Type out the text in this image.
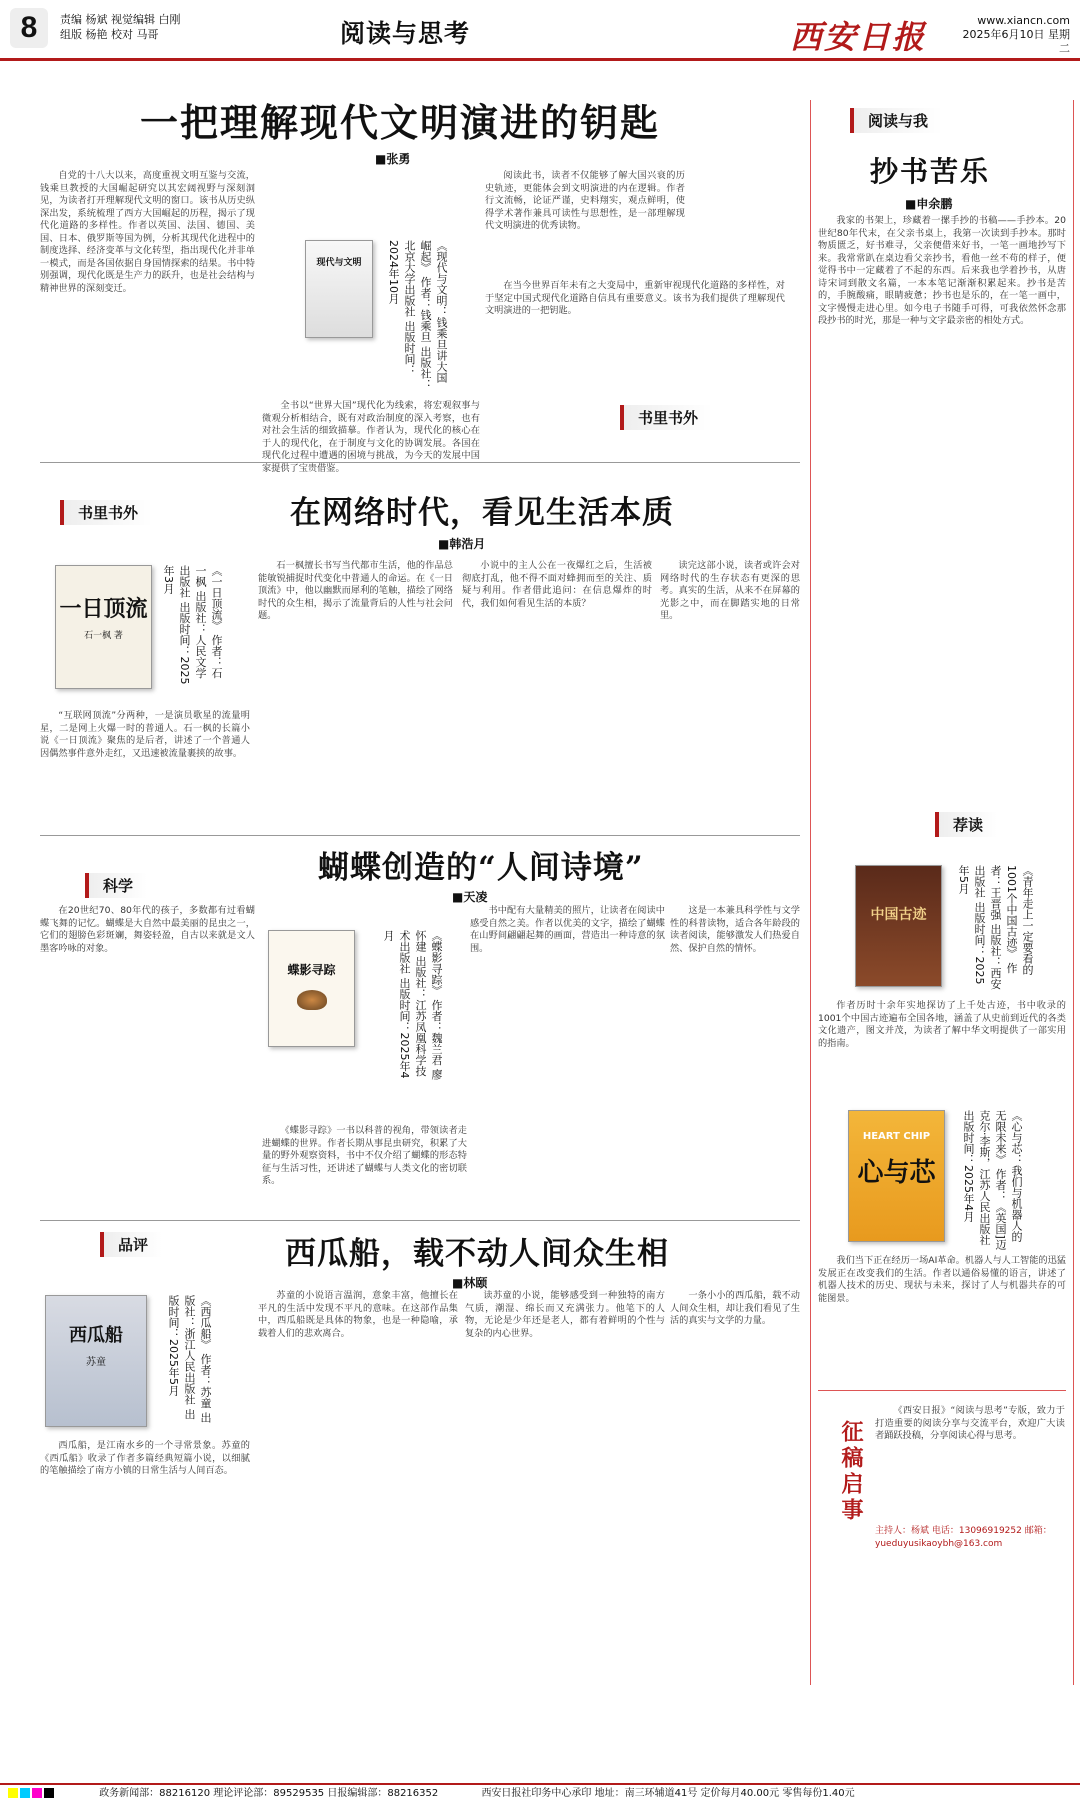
8	责编 杨斌 视觉编辑 白刚
组版 杨艳 校对 马哥	阅读与思考	西安日报	www.xiancn.com
2025年6月10日 星期二
一把理解现代文明演进的钥匙
■张勇

自党的十八大以来，高度重视文明互鉴与交流，钱乘旦教授的大国崛起研究以其宏阔视野与深刻洞见，为读者打开理解现代文明的窗口。该书从历史纵深出发，系统梳理了西方大国崛起的历程，揭示了现代化道路的多样性。作者以英国、法国、德国、美国、日本、俄罗斯等国为例，分析其现代化进程中的制度选择、经济变革与文化转型，指出现代化并非单一模式，而是各国依据自身国情探索的结果。书中特别强调，现代化既是生产力的跃升，也是社会结构与精神世界的深刻变迁。

现代与文明	《现代与文明：钱乘旦讲大国崛起》 作者：钱乘旦 出版社：北京大学出版社 出版时间：2024年10月

全书以“世界大国”现代化为线索，将宏观叙事与微观分析相结合，既有对政治制度的深入考察，也有对社会生活的细致描摹。作者认为，现代化的核心在于人的现代化，在于制度与文化的协调发展。各国在现代化过程中遭遇的困境与挑战，为今天的发展中国家提供了宝贵借鉴。

阅读此书，读者不仅能够了解大国兴衰的历史轨迹，更能体会到文明演进的内在逻辑。作者行文流畅，论证严谨，史料翔实，观点鲜明，使得学术著作兼具可读性与思想性，是一部理解现代文明演进的优秀读物。

在当今世界百年未有之大变局中，重新审视现代化道路的多样性，对于坚定中国式现代化道路自信具有重要意义。该书为我们提供了理解现代文明演进的一把钥匙。

书里书外
书里书外	在网络时代，看见生活本质
■韩浩月
一日顶流
石一枫 著	《一日顶流》 作者：石一枫 出版社：人民文学出版社 出版时间：2025年3月

“互联网顶流”分两种，一是演员歌星的流量明星，二是网上火爆一时的普通人。石一枫的长篇小说《一日顶流》聚焦的是后者，讲述了一个普通人因偶然事件意外走红，又迅速被流量裹挟的故事。

石一枫擅长书写当代都市生活，他的作品总能敏锐捕捉时代变化中普通人的命运。在《一日顶流》中，他以幽默而犀利的笔触，描绘了网络时代的众生相，揭示了流量背后的人性与社会问题。

小说中的主人公在一夜爆红之后，生活被彻底打乱，他不得不面对蜂拥而至的关注、质疑与利用。作者借此追问：在信息爆炸的时代，我们如何看见生活的本质？

读完这部小说，读者或许会对网络时代的生存状态有更深的思考。真实的生活，从来不在屏幕的光影之中，而在脚踏实地的日常里。

蝴蝶创造的“人间诗境”
■天凌
科学

在20世纪70、80年代的孩子，多数都有过看蝴蝶飞舞的记忆。蝴蝶是大自然中最美丽的昆虫之一，它们的翅膀色彩斑斓，舞姿轻盈，自古以来就是文人墨客吟咏的对象。

蝶影寻踪	《蝶影寻踪》 作者：魏兰君 廖怀建 出版社：江苏凤凰科学技术出版社 出版时间：2025年4月

《蝶影寻踪》一书以科普的视角，带领读者走进蝴蝶的世界。作者长期从事昆虫研究，积累了大量的野外观察资料，书中不仅介绍了蝴蝶的形态特征与生活习性，还讲述了蝴蝶与人类文化的密切联系。

书中配有大量精美的照片，让读者在阅读中感受自然之美。作者以优美的文字，描绘了蝴蝶在山野间翩翩起舞的画面，营造出一种诗意的氛围。

这是一本兼具科学性与文学性的科普读物，适合各年龄段的读者阅读，能够激发人们热爱自然、保护自然的情怀。

品评	西瓜船，载不动人间众生相
■林颐
西瓜船
苏童	《西瓜船》 作者：苏童 出版社：浙江人民出版社 出版时间：2025年5月

西瓜船，是江南水乡的一个寻常景象。苏童的《西瓜船》收录了作者多篇经典短篇小说，以细腻的笔触描绘了南方小镇的日常生活与人间百态。

苏童的小说语言温润，意象丰富，他擅长在平凡的生活中发现不平凡的意味。在这部作品集中，西瓜船既是具体的物象，也是一种隐喻，承载着人们的悲欢离合。

读苏童的小说，能够感受到一种独特的南方气质，潮湿、绵长而又充满张力。他笔下的人物，无论是少年还是老人，都有着鲜明的个性与复杂的内心世界。

一条小小的西瓜船，载不动人间众生相，却让我们看见了生活的真实与文学的力量。

阅读与我
抄书苦乐
■申余鹏

我家的书架上，珍藏着一摞手抄的书稿——手抄本。20世纪80年代末，在父亲书桌上，我第一次读到手抄本。那时物质匮乏，好书难寻，父亲便借来好书，一笔一画地抄写下来。我常常趴在桌边看父亲抄书，看他一丝不苟的样子，便觉得书中一定藏着了不起的东西。后来我也学着抄书，从唐诗宋词到散文名篇，一本本笔记渐渐积累起来。抄书是苦的，手腕酸痛，眼睛疲惫；抄书也是乐的，在一笔一画中，文字慢慢走进心里。如今电子书随手可得，可我依然怀念那段抄书的时光，那是一种与文字最亲密的相处方式。

荐读
中国古迹	《青年走上一定要看的1001个中国古迹》 作者：王晋强 出版社：西安出版社 出版时间：2025年5月

作者历时十余年实地探访了上千处古迹，书中收录的1001个中国古迹遍布全国各地，涵盖了从史前到近代的各类文化遗产，图文并茂，为读者了解中华文明提供了一部实用的指南。

HEART CHIP
心与芯	《心与芯：我们与机器人的无限未来》 作者：《英国]迈克尔·李斯，江苏人民出版社 出版时间：2025年4月

我们当下正在经历一场AI革命。机器人与人工智能的迅猛发展正在改变我们的生活。作者以通俗易懂的语言，讲述了机器人技术的历史、现状与未来，探讨了人与机器共存的可能图景。

征稿启事

《西安日报》“阅读与思考”专版，致力于打造重要的阅读分享与交流平台，欢迎广大读者踊跃投稿，分享阅读心得与思考。

主持人：杨斌 电话：13096919252 邮箱：yueduyusikaoybh@163.com
政务新闻部：88216120 理论评论部：89529535 日报编辑部：88216352	西安日报社印务中心承印 地址：南三环辅道41号 定价每月40.00元 零售每份1.40元
